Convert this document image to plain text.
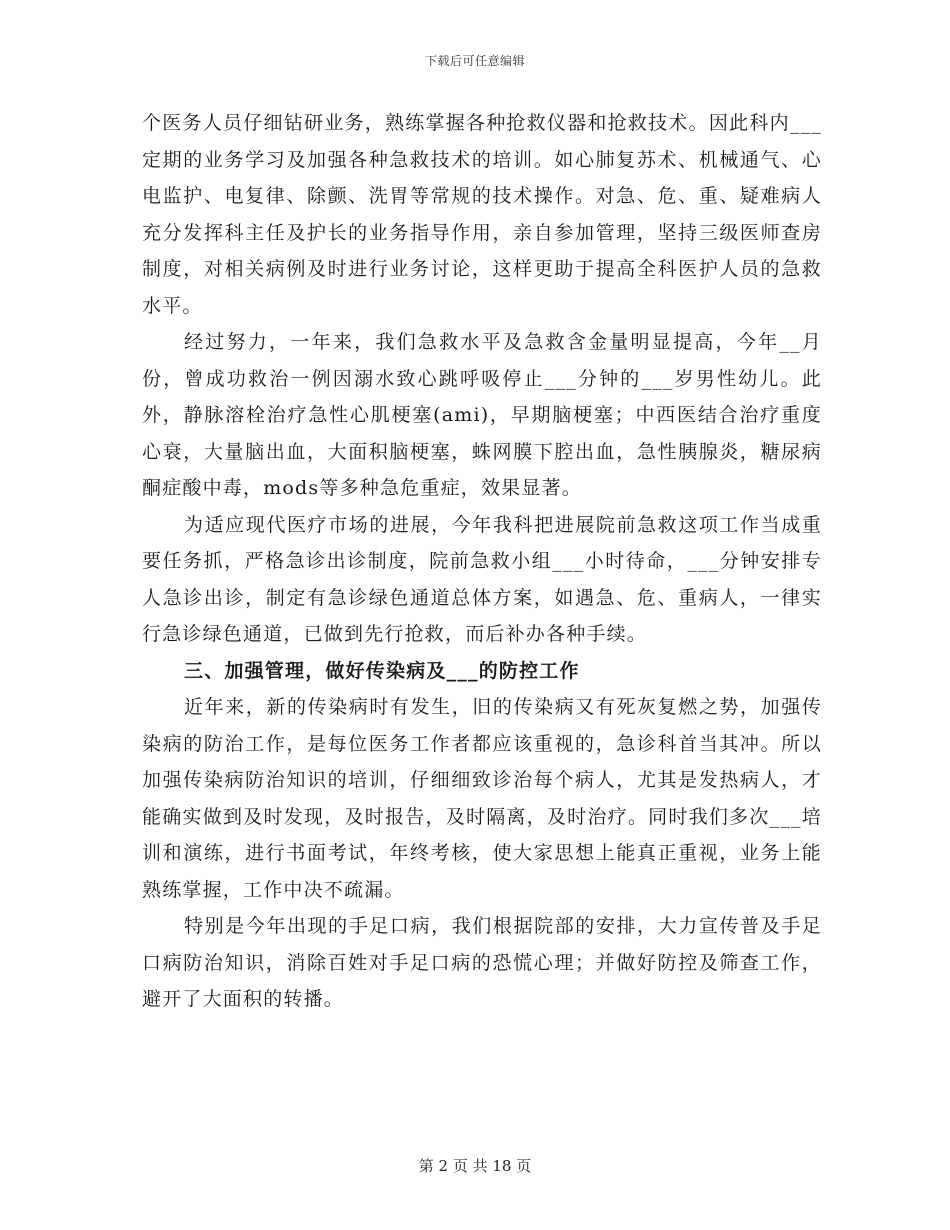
下载后可任意编辑

个医务人员仔细钻研业务，熟练掌握各种抢救仪器和抢救技术。因此科内___定期的业务学习及加强各种急救技术的培训。如心肺复苏术、机械通气、心电监护、电复律、除颤、洗胃等常规的技术操作。对急、危、重、疑难病人充分发挥科主任及护长的业务指导作用，亲自参加管理，坚持三级医师查房制度，对相关病例及时进行业务讨论，这样更助于提高全科医护人员的急救水平。

经过努力，一年来，我们急救水平及急救含金量明显提高，今年__月份，曾成功救治一例因溺水致心跳呼吸停止___分钟的___岁男性幼儿。此外，静脉溶栓治疗急性心肌梗塞(ami)，早期脑梗塞；中西医结合治疗重度心衰，大量脑出血，大面积脑梗塞，蛛网膜下腔出血，急性胰腺炎，糖尿病酮症酸中毒，mods等多种急危重症，效果显著。

为适应现代医疗市场的进展，今年我科把进展院前急救这项工作当成重要任务抓，严格急诊出诊制度，院前急救小组___小时待命，___分钟安排专人急诊出诊，制定有急诊绿色通道总体方案，如遇急、危、重病人，一律实行急诊绿色通道，已做到先行抢救，而后补办各种手续。

三、加强管理，做好传染病及___的防控工作

近年来，新的传染病时有发生，旧的传染病又有死灰复燃之势，加强传染病的防治工作，是每位医务工作者都应该重视的，急诊科首当其冲。所以加强传染病防治知识的培训，仔细细致诊治每个病人，尤其是发热病人，才能确实做到及时发现，及时报告，及时隔离，及时治疗。同时我们多次___培训和演练，进行书面考试，年终考核，使大家思想上能真正重视，业务上能熟练掌握，工作中决不疏漏。

特别是今年出现的手足口病，我们根据院部的安排，大力宣传普及手足口病防治知识，消除百姓对手足口病的恐慌心理；并做好防控及筛查工作，避开了大面积的转播。

第 2 页 共 18 页
